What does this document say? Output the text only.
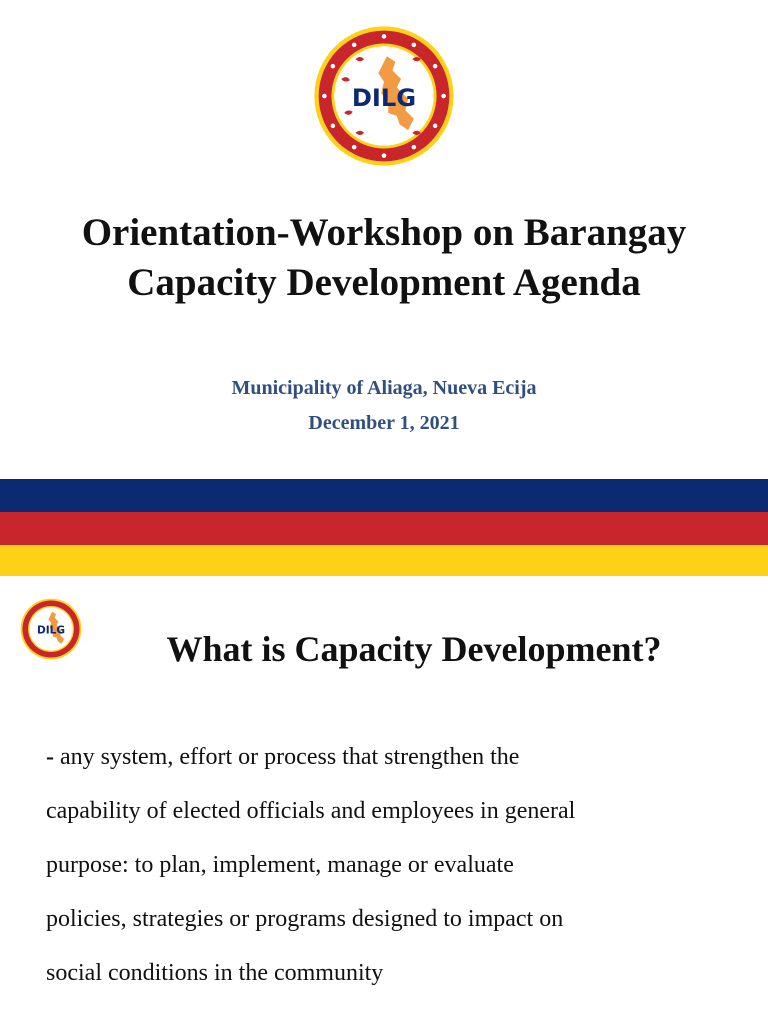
DILG
Orientation-Workshop on Barangay
Capacity Development Agenda

Municipality of Aliaga, Nueva Ecija

December 1, 2021

DILG	What is Capacity Development?

- any system, effort or process that strengthen the
capability of elected officials and employees in general
purpose: to plan, implement, manage or evaluate
policies, strategies or programs designed to impact on
social conditions in the community
